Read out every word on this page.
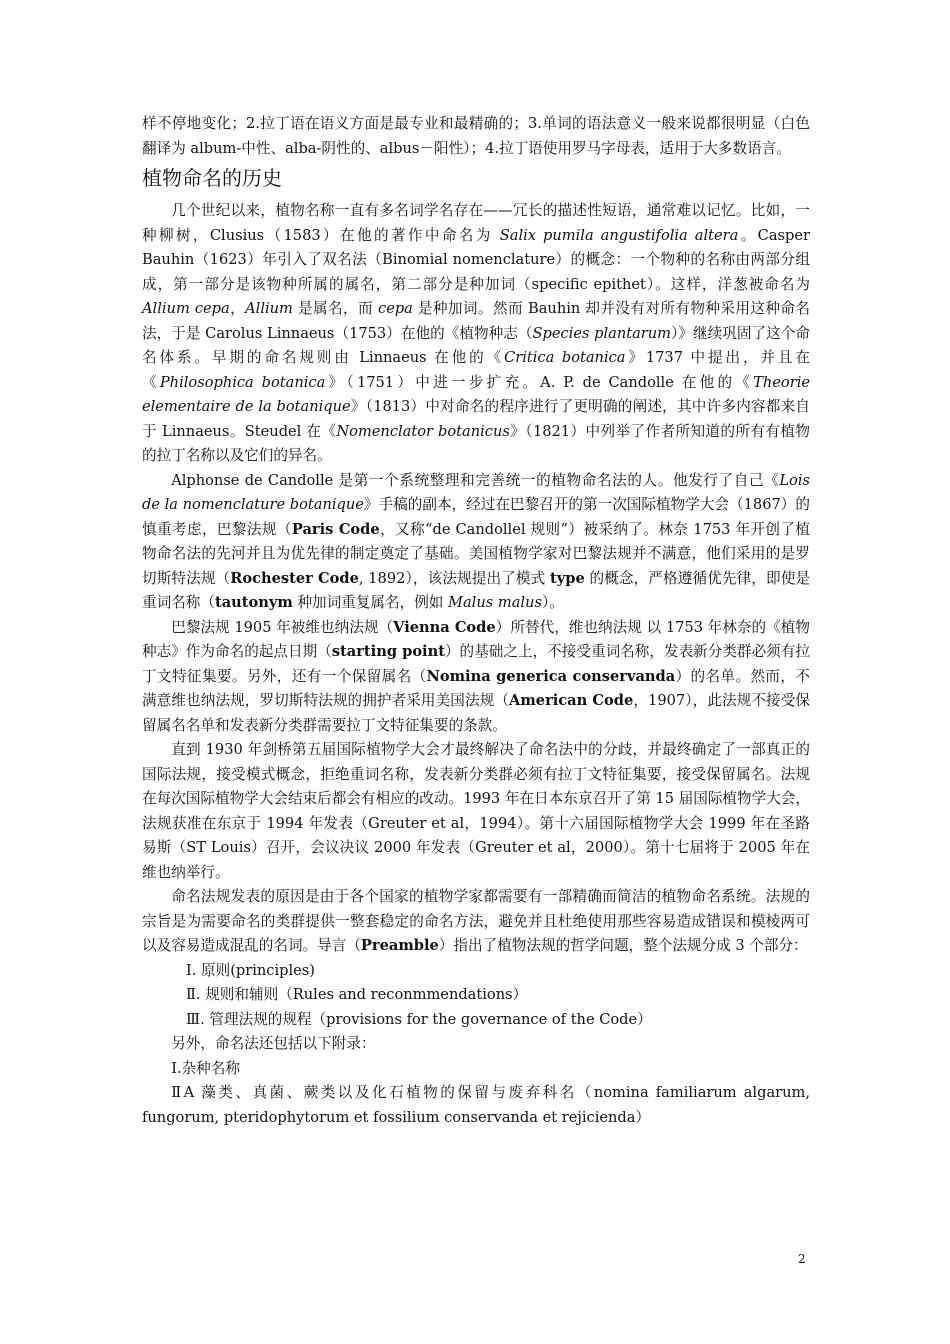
样不停地变化；2.拉丁语在语义方面是最专业和最精确的；3.单词的语法意义一般来说都很明显（白色翻译为 album-中性、alba-阴性的、albus－阳性）；4.拉丁语使用罗马字母表，适用于大多数语言。

植物命名的历史

几个世纪以来，植物名称一直有多名词学名存在——冗长的描述性短语，通常难以记忆。比如，一种柳树，Clusius（1583）在他的著作中命名为 Salix pumila angustifolia altera。Casper Bauhin（1623）年引入了双名法（Binomial nomenclature）的概念：一个物种的名称由两部分组成，第一部分是该物种所属的属名，第二部分是种加词（specific epithet）。这样，洋葱被命名为 Allium cepa，Allium 是属名，而 cepa 是种加词。然而 Bauhin 却并没有对所有物种采用这种命名法，于是 Carolus Linnaeus（1753）在他的《植物种志（Species plantarum）》继续巩固了这个命名体系。早期的命名规则由 Linnaeus 在他的《Critica botanica》1737 中提出，并且在《Philosophica botanica》（1751）中进一步扩充。A. P. de Candolle 在他的《Theorie elementaire de la botanique》（1813）中对命名的程序进行了更明确的阐述，其中许多内容都来自于 Linnaeus。Steudel 在《Nomenclator botanicus》（1821）中列举了作者所知道的所有有植物的拉丁名称以及它们的异名。

Alphonse de Candolle 是第一个系统整理和完善统一的植物命名法的人。他发行了自己《Lois de la nomenclature botanique》手稿的副本，经过在巴黎召开的第一次国际植物学大会（1867）的慎重考虑，巴黎法规（Paris Code，又称“de Candollel 规则”）被采纳了。林奈 1753 年开创了植物命名法的先河并且为优先律的制定奠定了基础。美国植物学家对巴黎法规并不满意，他们采用的是罗切斯特法规（Rochester Code, 1892），该法规提出了模式 type 的概念，严格遵循优先律，即使是重词名称（tautonym 种加词重复属名，例如 Malus malus）。

巴黎法规 1905 年被维也纳法规（Vienna Code）所替代，维也纳法规 以 1753 年林奈的《植物种志》作为命名的起点日期（starting point）的基础之上，不接受重词名称，发表新分类群必须有拉丁文特征集要。另外，还有一个保留属名（Nomina generica conservanda）的名单。然而，不满意维也纳法规，罗切斯特法规的拥护者采用美国法规（American Code，1907），此法规不接受保留属名名单和发表新分类群需要拉丁文特征集要的条款。

直到 1930 年剑桥第五届国际植物学大会才最终解决了命名法中的分歧，并最终确定了一部真正的国际法规，接受模式概念，拒绝重词名称，发表新分类群必须有拉丁文特征集要，接受保留属名。法规在每次国际植物学大会结束后都会有相应的改动。1993 年在日本东京召开了第 15 届国际植物学大会，法规获准在东京于 1994 年发表（Greuter et al，1994）。第十六届国际植物学大会 1999 年在圣路易斯（ST Louis）召开，会议决议 2000 年发表（Greuter et al，2000）。第十七届将于 2005 年在维也纳举行。

命名法规发表的原因是由于各个国家的植物学家都需要有一部精确而简洁的植物命名系统。法规的宗旨是为需要命名的类群提供一整套稳定的命名方法，避免并且杜绝使用那些容易造成错误和模棱两可以及容易造成混乱的名词。导言（Preamble）指出了植物法规的哲学问题，整个法规分成 3 个部分：

Ⅰ. 原则(principles)

Ⅱ. 规则和辅则（Rules and reconmmendations）

Ⅲ. 管理法规的规程（provisions for the governance of the Code）

另外，命名法还包括以下附录：

Ⅰ.杂种名称

ⅡA 藻类、真菌、蕨类以及化石植物的保留与废弃科名（nomina familiarum algarum, fungorum, pteridophytorum et fossilium conservanda et rejicienda）

2
